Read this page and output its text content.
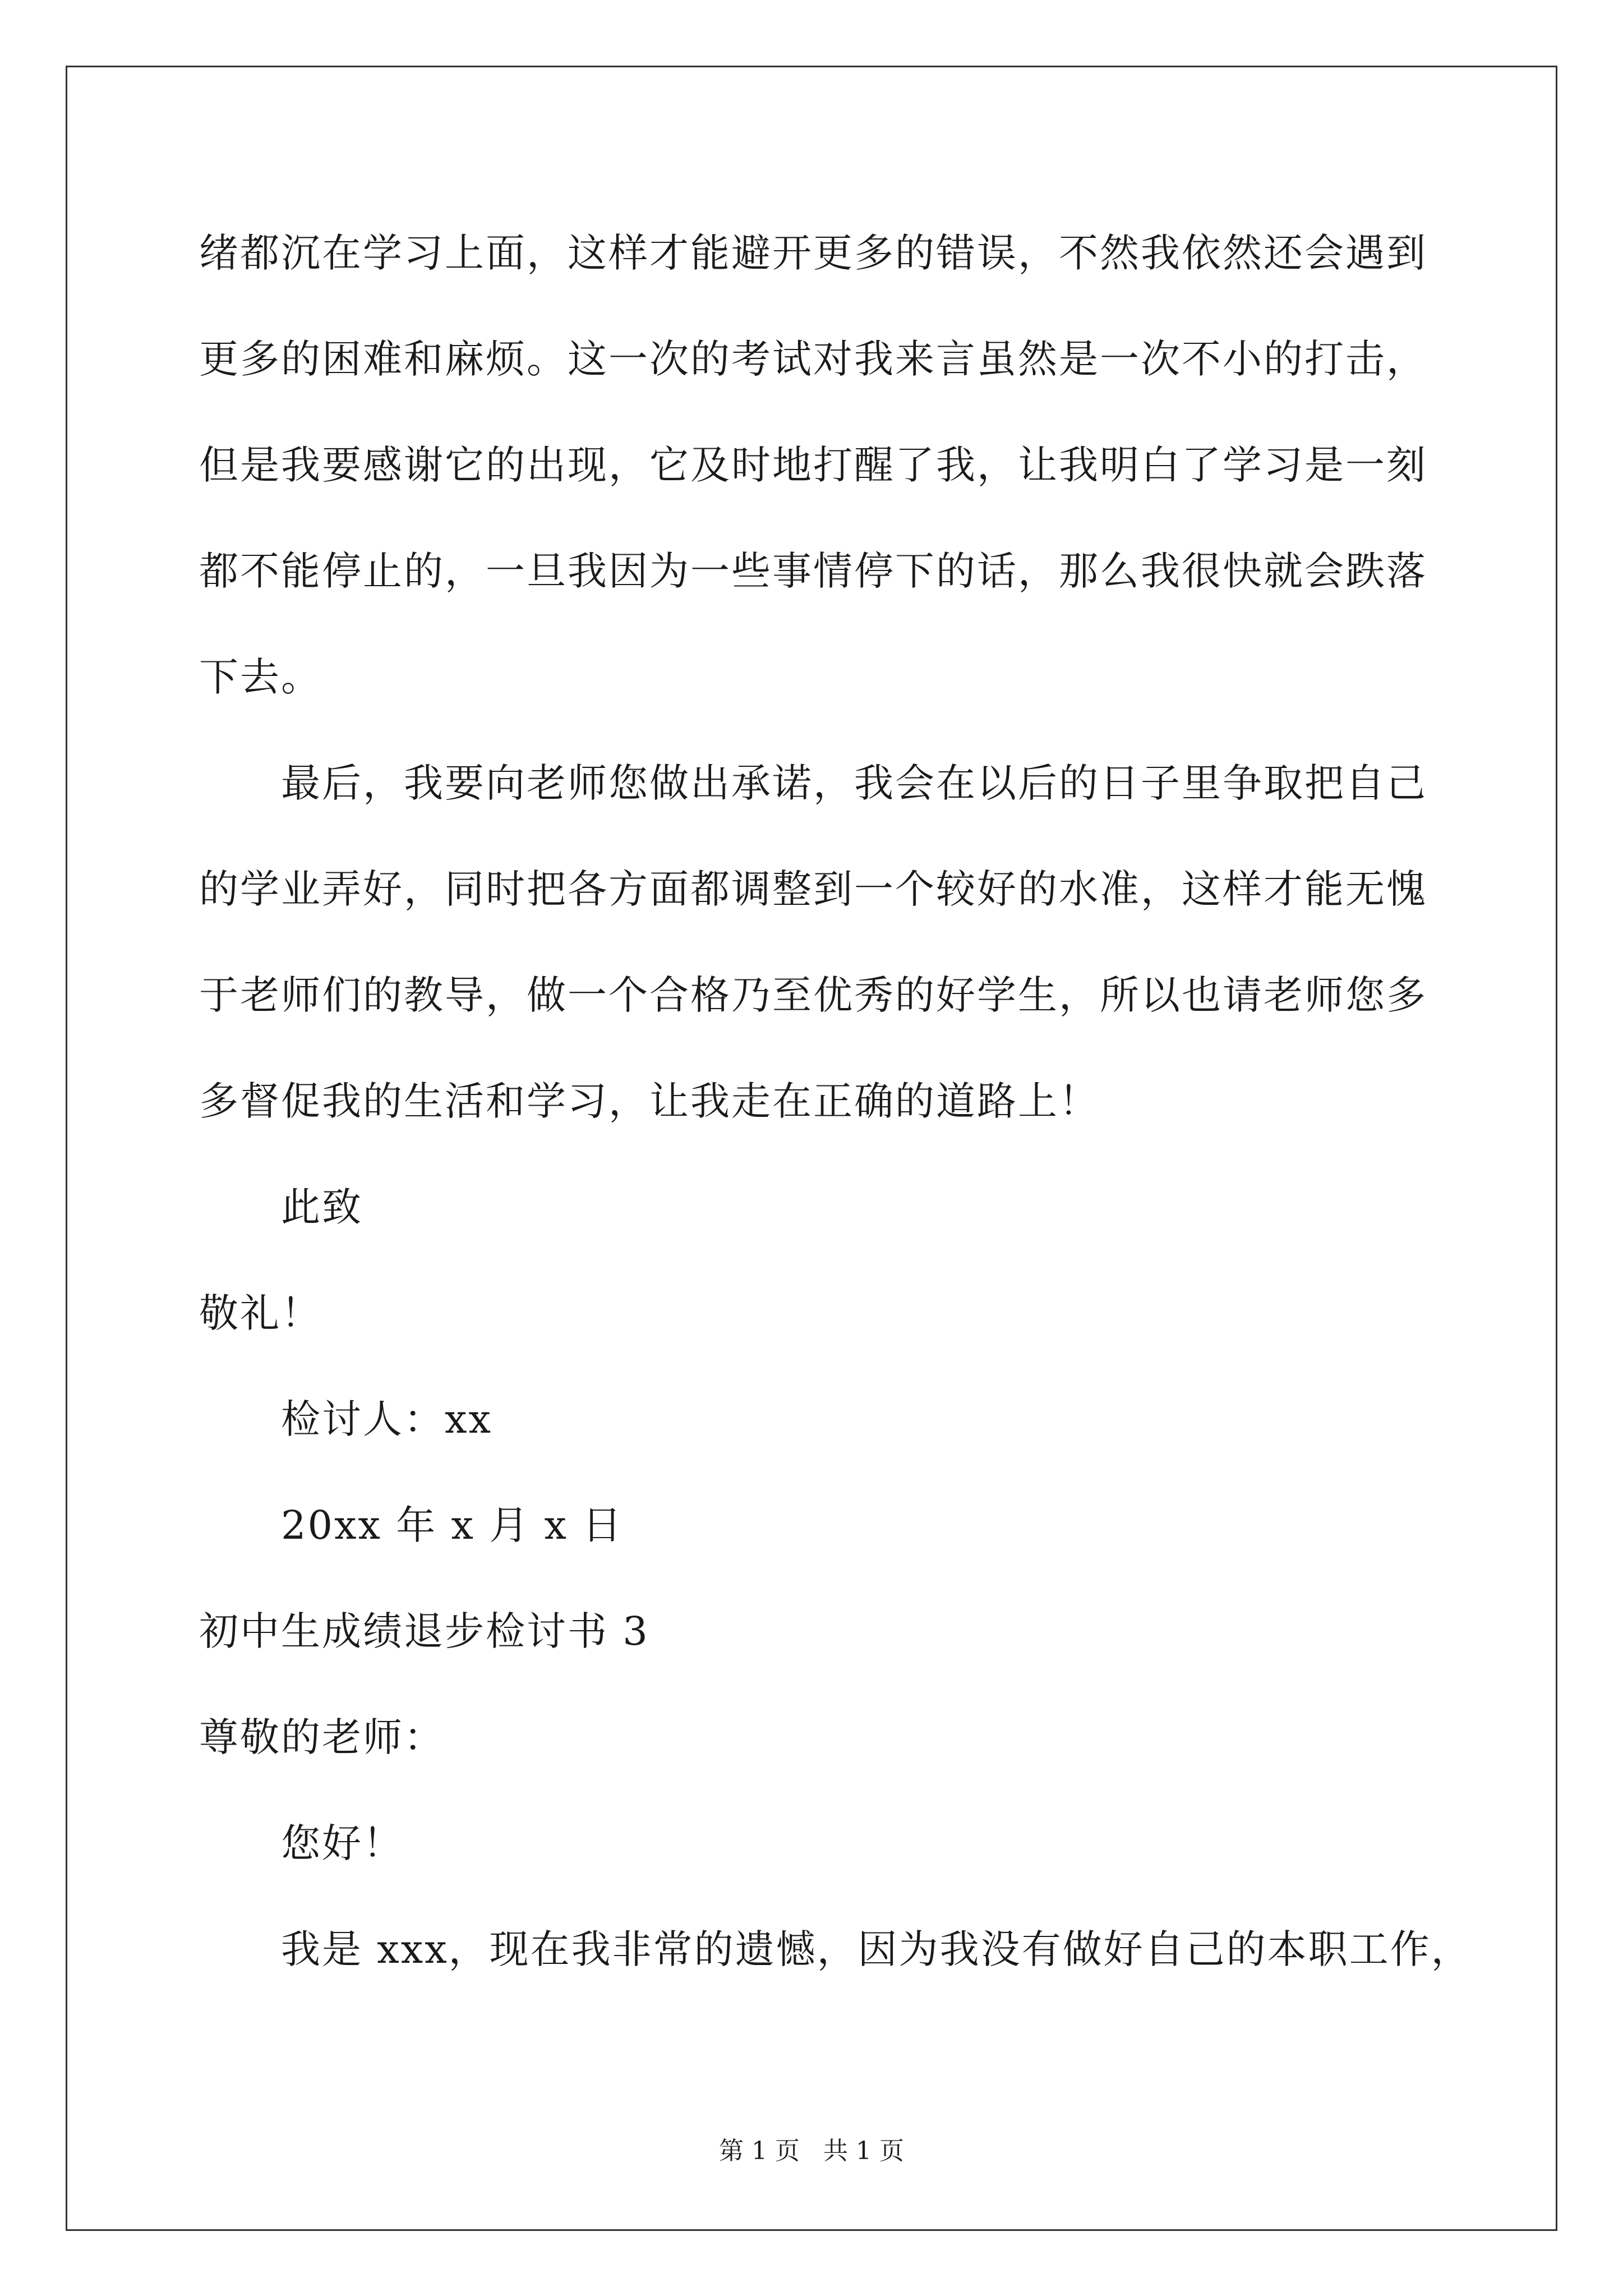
绪都沉在学习上面，这样才能避开更多的错误，不然我依然还会遇到
更多的困难和麻烦。这一次的考试对我来言虽然是一次不小的打击，
但是我要感谢它的出现，它及时地打醒了我，让我明白了学习是一刻
都不能停止的，一旦我因为一些事情停下的话，那么我很快就会跌落
下去。
最后，我要向老师您做出承诺，我会在以后的日子里争取把自己
的学业弄好，同时把各方面都调整到一个较好的水准，这样才能无愧
于老师们的教导，做一个合格乃至优秀的好学生，所以也请老师您多
多督促我的生活和学习，让我走在正确的道路上！
此致
敬礼！
检讨人：xx
20xx 年 x 月 x 日
初中生成绩退步检讨书 3
尊敬的老师：
您好！
我是 xxx，现在我非常的遗憾，因为我没有做好自己的本职工作，
第 1 页   共 1 页
